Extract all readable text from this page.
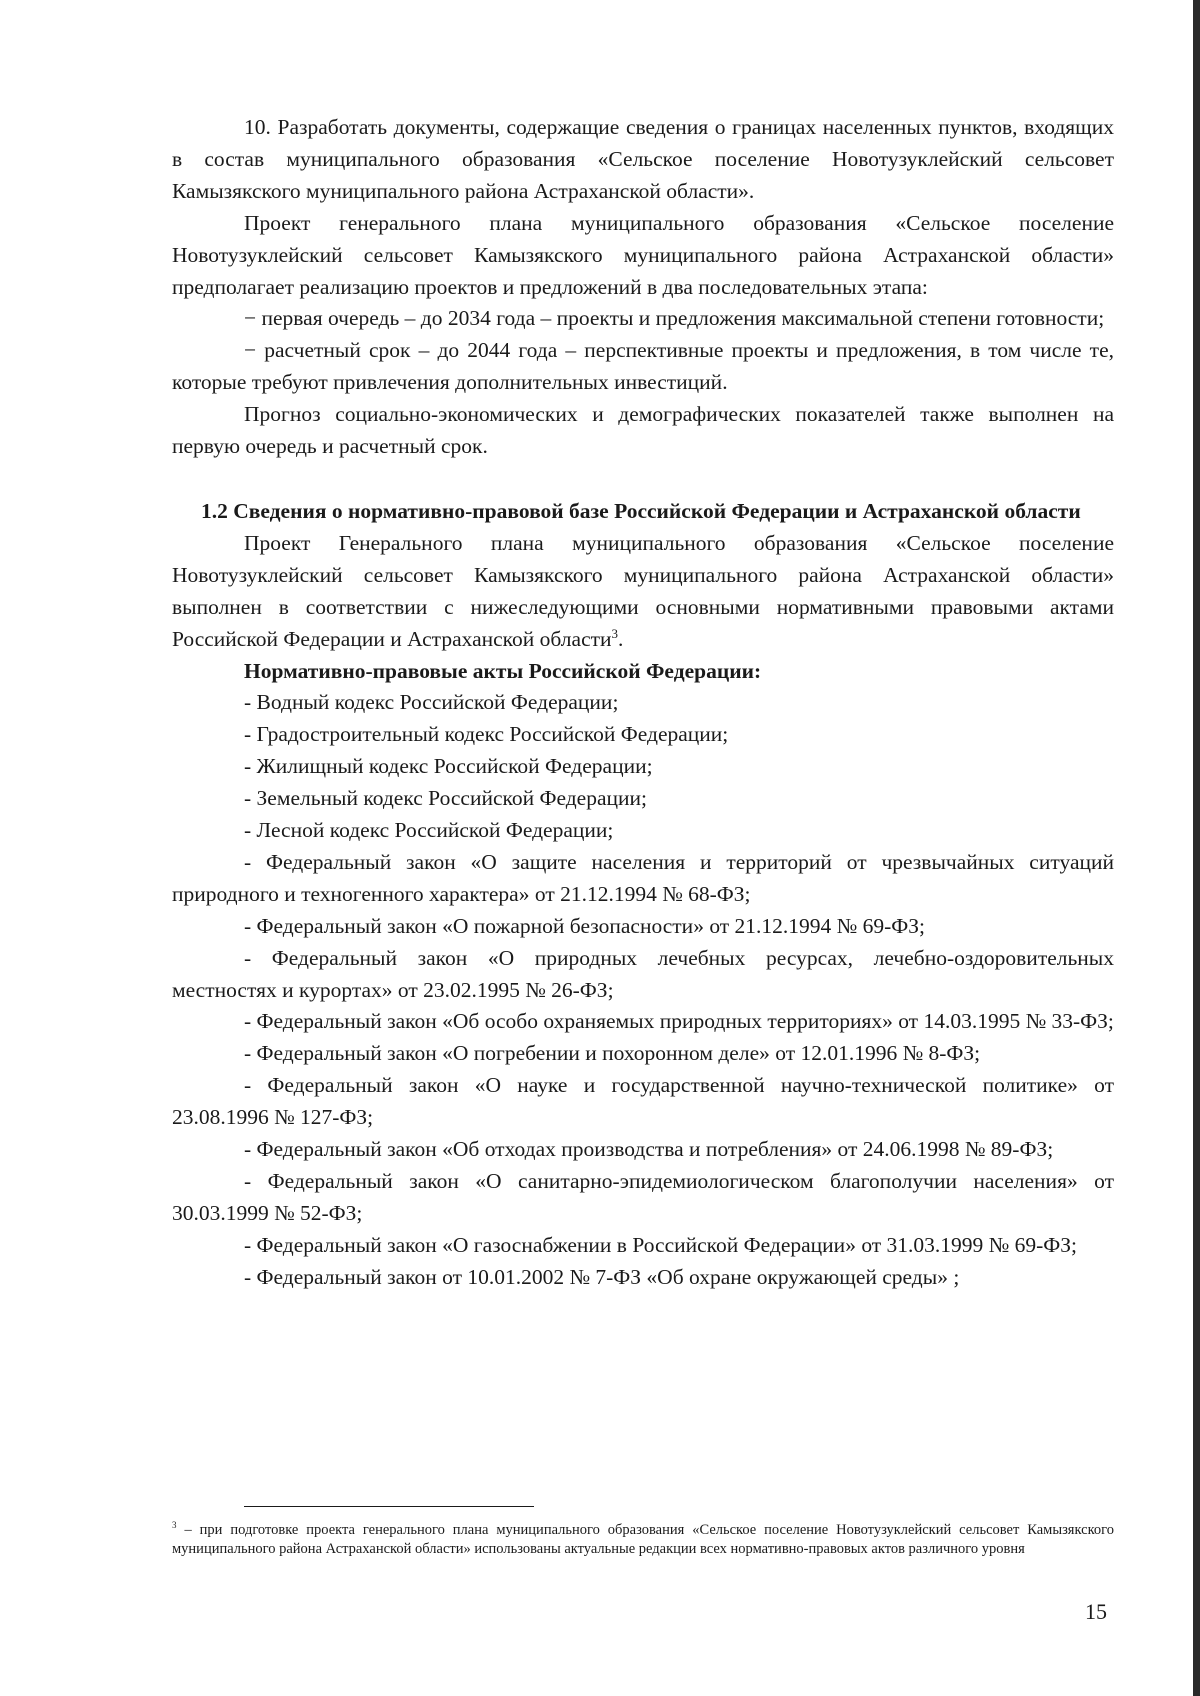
10. Разработать документы, содержащие сведения о границах населенных пунктов, входящих в состав муниципального образования «Сельское поселение Новотузуклейский сельсовет Камызякского муниципального района Астраханской области».

Проект генерального плана муниципального образования «Сельское поселение Новотузуклейский сельсовет Камызякского муниципального района Астраханской области» предполагает реализацию проектов и предложений в два последовательных этапа:

− первая очередь – до 2034 года – проекты и предложения максимальной степени готовности;

− расчетный срок – до 2044 года – перспективные проекты и предложения, в том числе те, которые требуют привлечения дополнительных инвестиций.

Прогноз социально-экономических и демографических показателей также выполнен на первую очередь и расчетный срок.

1.2 Сведения о нормативно-правовой базе Российской Федерации и Астраханской области

Проект Генерального плана муниципального образования «Сельское поселение Новотузуклейский сельсовет Камызякского муниципального района Астраханской области» выполнен в соответствии с нижеследующими основными нормативными правовыми актами Российской Федерации и Астраханской области$^3$.

Нормативно-правовые акты Российской Федерации:

- Водный кодекс Российской Федерации;

- Градостроительный кодекс Российской Федерации;

- Жилищный кодекс Российской Федерации;

- Земельный кодекс Российской Федерации;

- Лесной кодекс Российской Федерации;

- Федеральный закон «О защите населения и территорий от чрезвычайных ситуаций природного и техногенного характера» от 21.12.1994 № 68-ФЗ;

- Федеральный закон «О пожарной безопасности» от 21.12.1994 № 69-ФЗ;

- Федеральный закон «О природных лечебных ресурсах, лечебно-оздоровительных местностях и курортах» от 23.02.1995 № 26-ФЗ;

- Федеральный закон «Об особо охраняемых природных территориях» от 14.03.1995 № 33-ФЗ;

- Федеральный закон «О погребении и похоронном деле» от 12.01.1996 № 8-ФЗ;

- Федеральный закон «О науке и государственной научно-технической политике» от 23.08.1996 № 127-ФЗ;

- Федеральный закон «Об отходах производства и потребления» от 24.06.1998 № 89-ФЗ;

- Федеральный закон «О санитарно-эпидемиологическом благополучии населения» от 30.03.1999 № 52-ФЗ;

- Федеральный закон «О газоснабжении в Российской Федерации» от 31.03.1999 № 69-ФЗ;

- Федеральный закон от 10.01.2002 № 7-ФЗ «Об охране окружающей среды» ;

$^3$ – при подготовке проекта генерального плана муниципального образования «Сельское поселение Новотузуклейский сельсовет Камызякского муниципального района Астраханской области» использованы актуальные редакции всех нормативно-правовых актов различного уровня

15
